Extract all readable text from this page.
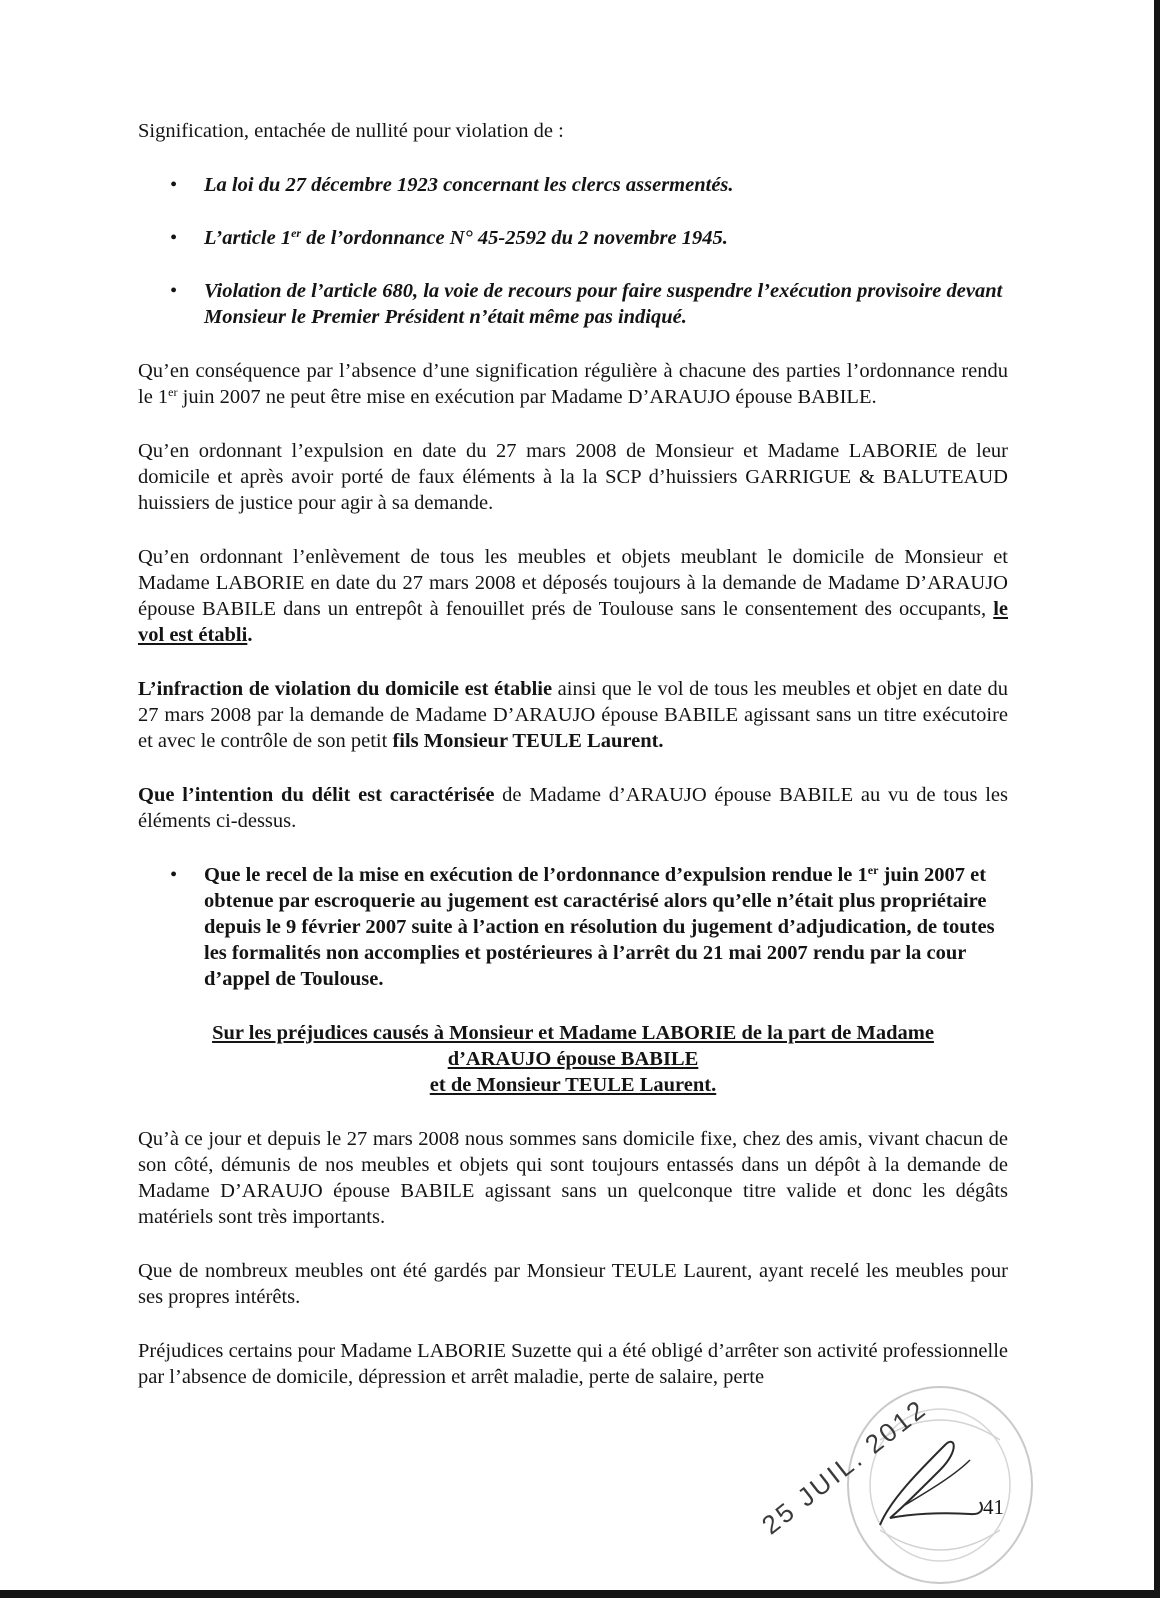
Signification, entachée de nullité pour violation de :

• La loi du 27 décembre 1923 concernant les clercs assermentés.
• L’article 1er de l’ordonnance N° 45-2592 du 2 novembre 1945.
• Violation de l’article 680, la voie de recours pour faire suspendre l’exécution provisoire devant Monsieur le Premier Président n’était même pas indiqué.

Qu’en conséquence par l’absence d’une signification régulière à chacune des parties l’ordonnance rendu le 1er juin 2007 ne peut être mise en exécution par Madame D’ARAUJO épouse BABILE.

Qu’en ordonnant l’expulsion en date du 27 mars 2008 de Monsieur et Madame LABORIE de leur domicile et après avoir porté de faux éléments à la la SCP d’huissiers GARRIGUE & BALUTEAUD huissiers de justice pour agir à sa demande.

Qu’en ordonnant l’enlèvement de tous les meubles et objets meublant le domicile de Monsieur et Madame LABORIE en date du 27 mars 2008 et déposés toujours à la demande de Madame D’ARAUJO épouse BABILE dans un entrepôt à fenouillet prés de Toulouse sans le consentement des occupants, le vol est établi.

L’infraction de violation du domicile est établie ainsi que le vol de tous les meubles et objet en date du 27 mars 2008 par la demande de Madame D’ARAUJO épouse BABILE agissant sans un titre exécutoire et avec le contrôle de son petit fils Monsieur TEULE Laurent.

Que l’intention du délit est caractérisée de Madame d’ARAUJO épouse BABILE au vu de tous les éléments ci-dessus.

• Que le recel de la mise en exécution de l’ordonnance d’expulsion rendue le 1er juin 2007 et obtenue par escroquerie au jugement est caractérisé alors qu’elle n’était plus propriétaire depuis le 9 février 2007 suite à l’action en résolution du jugement d’adjudication, de toutes les formalités non accomplies et postérieures à l’arrêt du 21 mai 2007 rendu par la cour d’appel de Toulouse.
Sur les préjudices causés à Monsieur et Madame LABORIE de la part de Madame
d’ARAUJO épouse BABILE
et de Monsieur TEULE Laurent.

Qu’à ce jour et depuis le 27 mars 2008 nous sommes sans domicile fixe, chez des amis, vivant chacun de son côté, démunis de nos meubles et objets qui sont toujours entassés dans un dépôt à la demande de Madame D’ARAUJO épouse BABILE agissant sans un quelconque titre valide et donc les dégâts matériels sont très importants.

Que de nombreux meubles ont été gardés par Monsieur TEULE Laurent, ayant recelé les meubles pour ses propres intérêts.

Préjudices certains pour Madame LABORIE Suzette qui a été obligé d’arrêter son activité professionnelle par l’absence de domicile, dépression et arrêt maladie, perte de salaire, perte

25 JUIL. 2012 41
